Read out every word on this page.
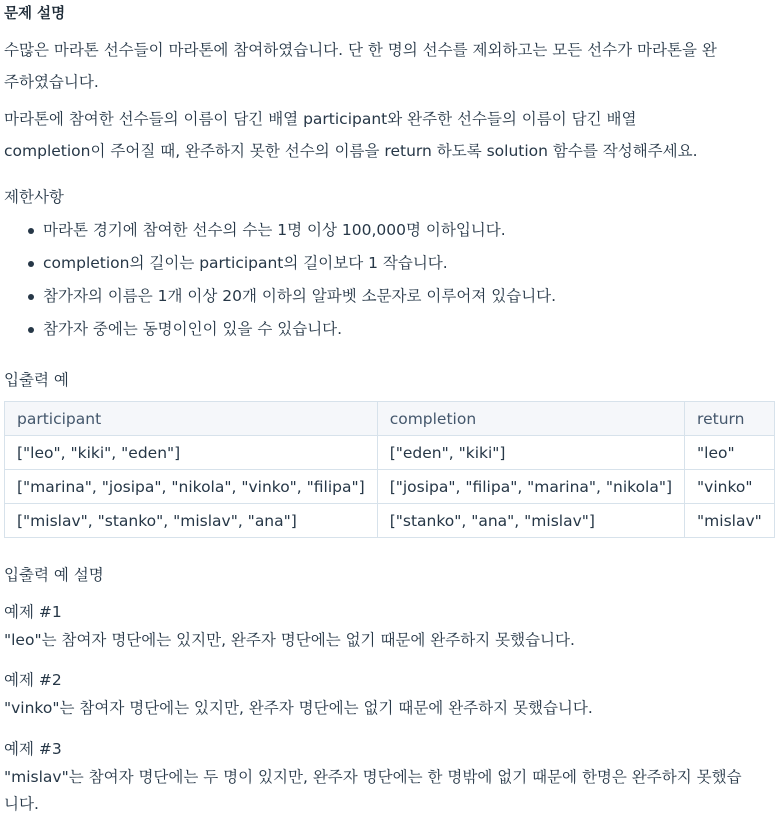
문제 설명
수많은 마라톤 선수들이 마라톤에 참여하였습니다. 단 한 명의 선수를 제외하고는 모든 선수가 마라톤을 완주하였습니다.
마라톤에 참여한 선수들의 이름이 담긴 배열 participant와 완주한 선수들의 이름이 담긴 배열 completion이 주어질 때, 완주하지 못한 선수의 이름을 return 하도록 solution 함수를 작성해주세요.
제한사항
마라톤 경기에 참여한 선수의 수는 1명 이상 100,000명 이하입니다.
completion의 길이는 participant의 길이보다 1 작습니다.
참가자의 이름은 1개 이상 20개 이하의 알파벳 소문자로 이루어져 있습니다.
참가자 중에는 동명이인이 있을 수 있습니다.
입출력 예
participant	completion	return
["leo", "kiki", "eden"]	["eden", "kiki"]	"leo"
["marina", "josipa", "nikola", "vinko", "filipa"]	["josipa", "filipa", "marina", "nikola"]	"vinko"
["mislav", "stanko", "mislav", "ana"]	["stanko", "ana", "mislav"]	"mislav"
입출력 예 설명
예제 #1
"leo"는 참여자 명단에는 있지만, 완주자 명단에는 없기 때문에 완주하지 못했습니다.
예제 #2
"vinko"는 참여자 명단에는 있지만, 완주자 명단에는 없기 때문에 완주하지 못했습니다.
예제 #3
"mislav"는 참여자 명단에는 두 명이 있지만, 완주자 명단에는 한 명밖에 없기 때문에 한명은 완주하지 못했습
니다.
